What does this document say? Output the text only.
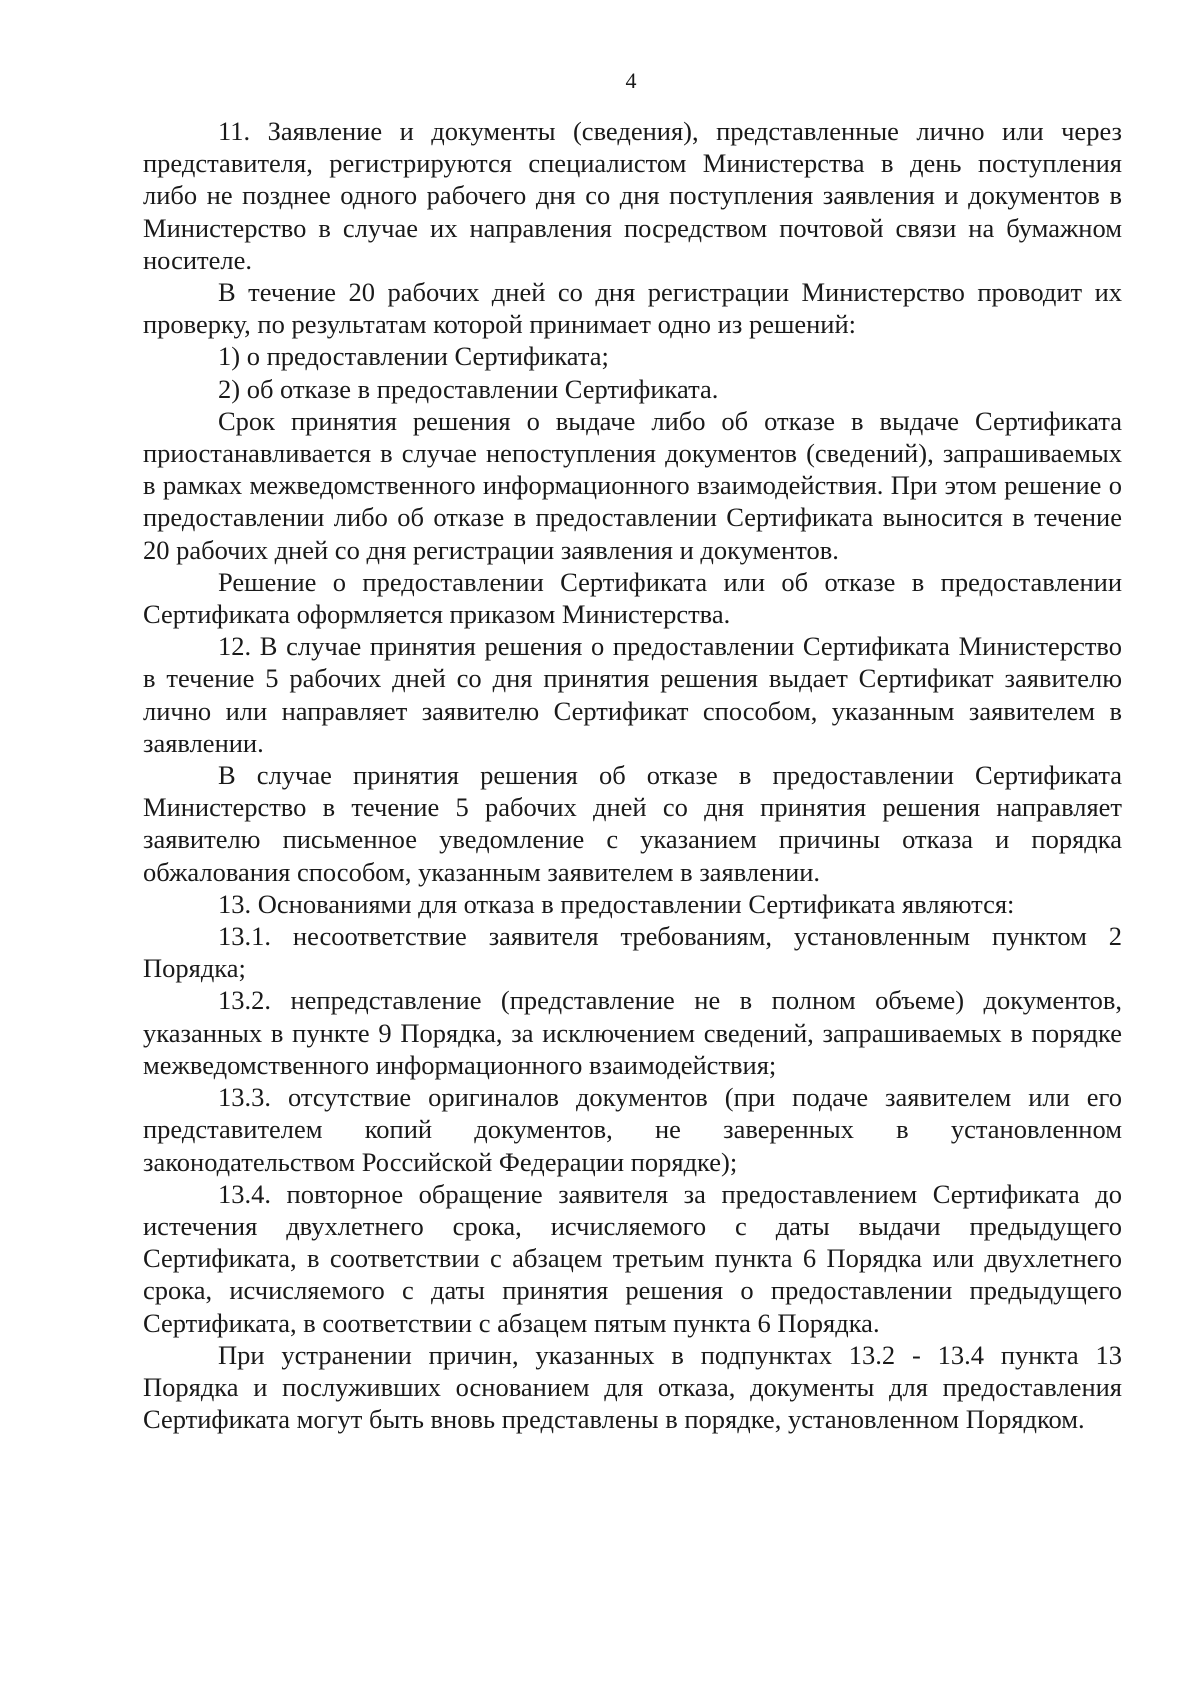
4

11. Заявление и документы (сведения), представленные лично или через представителя, регистрируются специалистом Министерства в день поступления либо не позднее одного рабочего дня со дня поступления заявления и документов в Министерство в случае их направления посредством почтовой связи на бумажном носителе.

В течение 20 рабочих дней со дня регистрации Министерство проводит их проверку, по результатам которой принимает одно из решений:

1) о предоставлении Сертификата;

2) об отказе в предоставлении Сертификата.

Срок принятия решения о выдаче либо об отказе в выдаче Сертификата приостанавливается в случае непоступления документов (сведений), запрашиваемых в рамках межведомственного информационного взаимодействия. При этом решение о предоставлении либо об отказе в предоставлении Сертификата выносится в течение 20 рабочих дней со дня регистрации заявления и документов.

Решение о предоставлении Сертификата или об отказе в предоставлении Сертификата оформляется приказом Министерства.

12. В случае принятия решения о предоставлении Сертификата Министерство в течение 5 рабочих дней со дня принятия решения выдает Сертификат заявителю лично или направляет заявителю Сертификат способом, указанным заявителем в заявлении.

В случае принятия решения об отказе в предоставлении Сертификата Министерство в течение 5 рабочих дней со дня принятия решения направляет заявителю письменное уведомление с указанием причины отказа и порядка обжалования способом, указанным заявителем в заявлении.

13. Основаниями для отказа в предоставлении Сертификата являются:

13.1. несоответствие заявителя требованиям, установленным пунктом 2 Порядка;

13.2. непредставление (представление не в полном объеме) документов, указанных в пункте 9 Порядка, за исключением сведений, запрашиваемых в порядке межведомственного информационного взаимодействия;

13.3. отсутствие оригиналов документов (при подаче заявителем или его представителем копий документов, не заверенных в установленном законодательством Российской Федерации порядке);

13.4. повторное обращение заявителя за предоставлением Сертификата до истечения двухлетнего срока, исчисляемого с даты выдачи предыдущего Сертификата, в соответствии с абзацем третьим пункта 6 Порядка или двухлетнего срока, исчисляемого с даты принятия решения о предоставлении предыдущего Сертификата, в соответствии с абзацем пятым пункта 6 Порядка.

При устранении причин, указанных в подпунктах 13.2 - 13.4 пункта 13 Порядка и послуживших основанием для отказа, документы для предоставления Сертификата могут быть вновь представлены в порядке, установленном Порядком.
